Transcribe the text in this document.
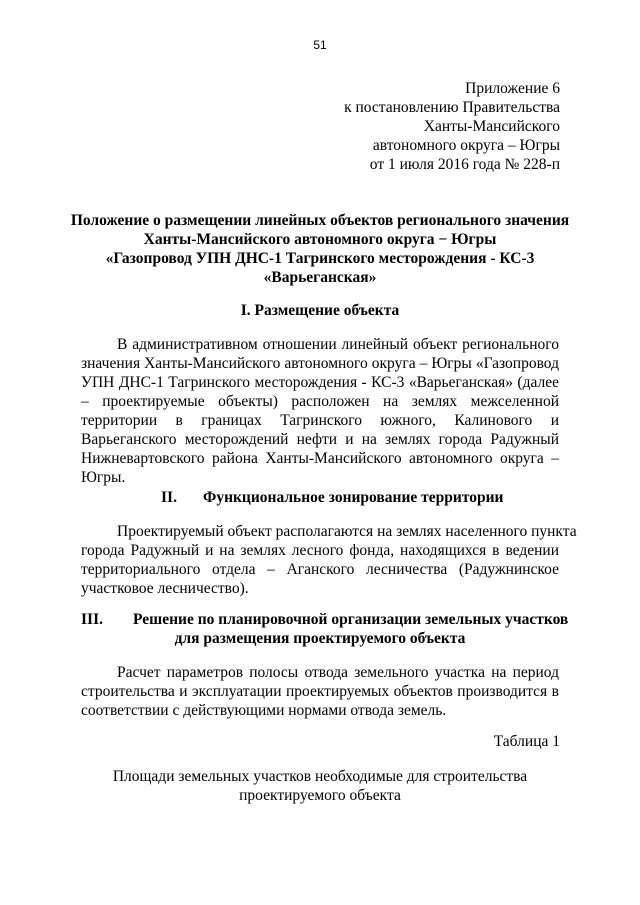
51
Приложение 6
к постановлению Правительства
Ханты-Мансийского
автономного округа – Югры
от 1 июля 2016 года № 228-п
Положение о размещении линейных объектов регионального значения
Ханты-Мансийского автономного округа − Югры
«Газопровод УПН ДНС-1 Тагринского месторождения - КС-3
«Варьеганская»
I. Размещение объекта
В административном отношении линейный объект регионального
значения Ханты-Мансийского автономного округа – Югры «Газопровод
УПН ДНС-1 Тагринского месторождения - КС-3 «Варьеганская» (далее
– проектируемые объекты) расположен на землях межселенной
территории в границах Тагринского южного, Калинового и
Варьеганского месторождений нефти и на землях города Радужный
Нижневартовского района Ханты-Мансийского автономного округа –
Югры.
II. Функциональное зонирование территории
Проектируемый объект располагаются на землях населенного пункта
города Радужный и на землях лесного фонда, находящихся в ведении
территориального отдела – Аганского лесничества (Радужнинское
участковое лесничество).
III. Решение по планировочной организации земельных участков
для размещения проектируемого объекта
Расчет параметров полосы отвода земельного участка на период
строительства и эксплуатации проектируемых объектов производится в
соответствии с действующими нормами отвода земель.
Таблица 1
Площади земельных участков необходимые для строительства
проектируемого объекта
